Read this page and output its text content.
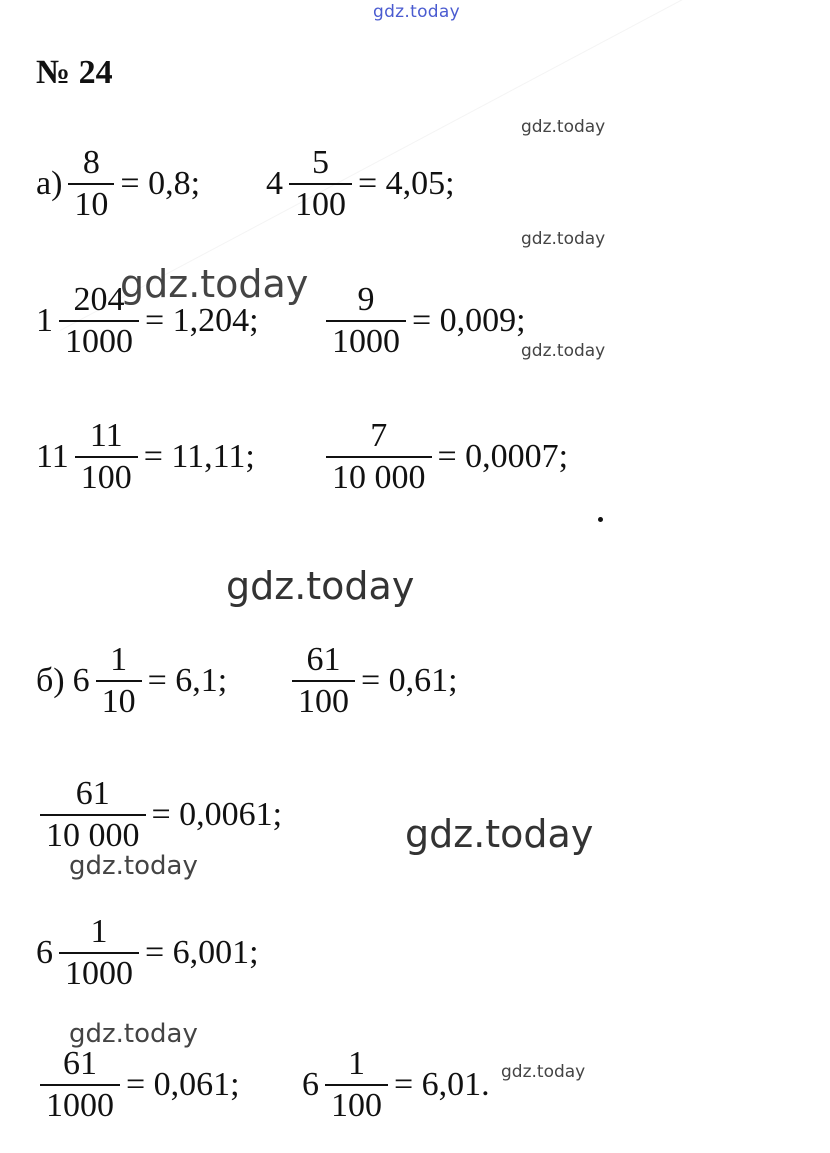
gdz.today
№ 24
gdz.today
gdz.today
gdz.today
gdz.today
gdz.today
gdz.today
gdz.today
gdz.today
gdz.today
$а) \frac{8}{10} = 0,8$; $4 \frac{5}{100} = 4,05$;
$1 \frac{204}{1000} = 1,204$; $\frac{9}{1000} = 0,009$;
$11 \frac{11}{100} = 11,11$; $\frac{7}{10 000} = 0,0007$;
б) $6 \frac{1}{10} = 6,1$; $\frac{61}{100} = 0,61$;
$\frac{61}{10 000} = 0,0061$;
$6 \frac{1}{1000} = 6,001$;
$\frac{61}{1000} = 0,061$; $6 \frac{1}{100} = 6,01$.
